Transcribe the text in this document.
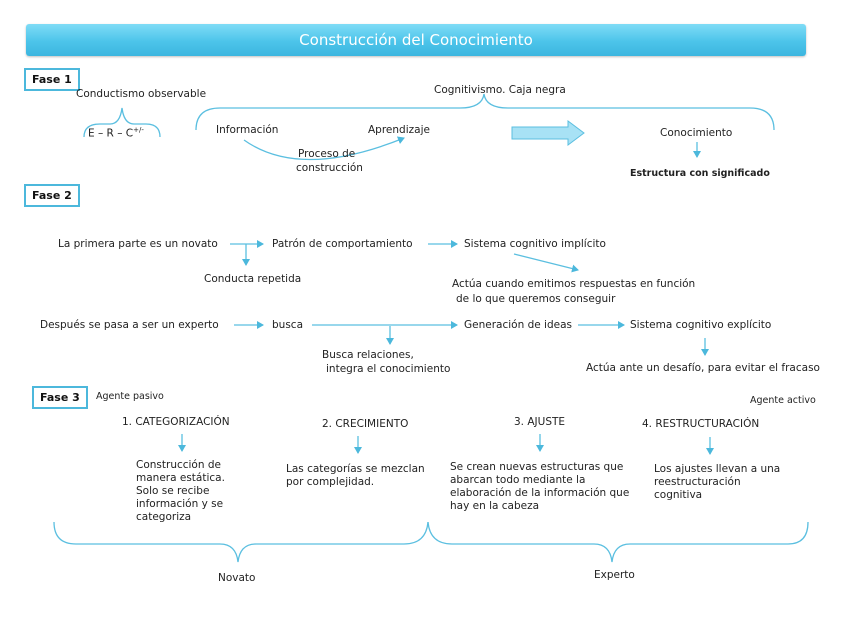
Construcción del Conocimiento
Fase 1
Conductismo observable
E – R – C+/-
Cognitivismo. Caja negra
Información	Aprendizaje
Proceso de
construcción
Conocimiento
Estructura con significado
Fase 2
La primera parte es un novato	Patrón de comportamiento	Sistema cognitivo implícito
Conducta repetida	Actúa cuando emitimos respuestas en función
de lo que queremos conseguir
Después se pasa a ser un experto	busca	Generación de ideas	Sistema cognitivo explícito
Busca relaciones,
integra el conocimiento	Actúa ante un desafío, para evitar el fracaso
Fase 3	Agente pasivo	Agente activo
1. CATEGORIZACIÓN	2. CRECIMIENTO	3. AJUSTE	4. RESTRUCTURACIÓN
Construcción de manera estática. Solo se recibe información y se categoriza
Las categorías se mezclan por complejidad.
Se crean nuevas estructuras que abarcan todo mediante la elaboración de la información que hay en la cabeza
Los ajustes llevan a una reestructuración cognitiva
Novato	Experto
